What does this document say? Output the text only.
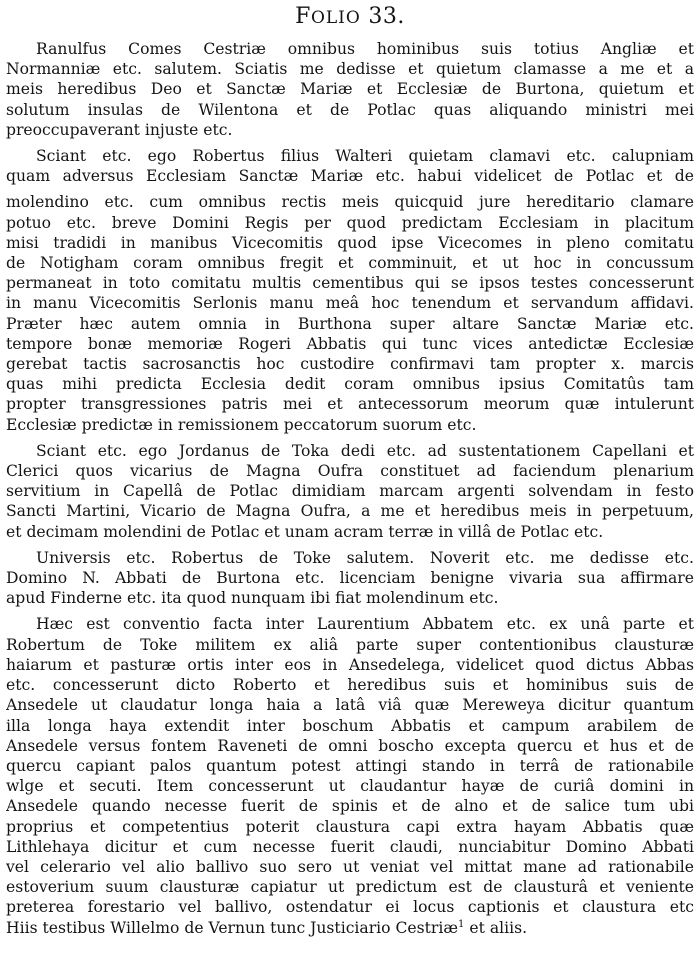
FOLIO 33.
Ranulfus Comes Cestriæ omnibus hominibus suis totius Angliæ et
Normanniæ etc. salutem. Sciatis me dedisse et quietum clamasse a me et a
meis heredibus Deo et Sanctæ Mariæ et Ecclesiæ de Burtona, quietum et
solutum insulas de Wilentona et de Potlac quas aliquando ministri mei
preoccupaverant injuste etc.
Sciant etc. ego Robertus filius Walteri quietam clamavi etc. calupniam
quam adversus Ecclesiam Sanctæ Mariæ etc. habui videlicet de Potlac et de
molendino etc. cum omnibus rectis meis quicquid jure hereditario clamare
potuo etc. breve Domini Regis per quod predictam Ecclesiam in placitum
misi tradidi in manibus Vicecomitis quod ipse Vicecomes in pleno comitatu
de Notigham coram omnibus fregit et comminuit, et ut hoc in concussum
permaneat in toto comitatu multis cementibus qui se ipsos testes concesserunt
in manu Vicecomitis Serlonis manu meâ hoc tenendum et servandum affidavi.
Præter hæc autem omnia in Burthona super altare Sanctæ Mariæ etc.
tempore bonæ memoriæ Rogeri Abbatis qui tunc vices antedictæ Ecclesiæ
gerebat tactis sacrosanctis hoc custodire confirmavi tam propter x. marcis
quas mihi predicta Ecclesia dedit coram omnibus ipsius Comitatûs tam
propter transgressiones patris mei et antecessorum meorum quæ intulerunt
Ecclesiæ predictæ in remissionem peccatorum suorum etc.
Sciant etc. ego Jordanus de Toka dedi etc. ad sustentationem Capellani et
Clerici quos vicarius de Magna Oufra constituet ad faciendum plenarium
servitium in Capellâ de Potlac dimidiam marcam argenti solvendam in festo
Sancti Martini, Vicario de Magna Oufra, a me et heredibus meis in perpetuum,
et decimam molendini de Potlac et unam acram terræ in villâ de Potlac etc.
Universis etc. Robertus de Toke salutem. Noverit etc. me dedisse etc.
Domino N. Abbati de Burtona etc. licenciam benigne vivaria sua affirmare
apud Finderne etc. ita quod nunquam ibi fiat molendinum etc.
Hæc est conventio facta inter Laurentium Abbatem etc. ex unâ parte et
Robertum de Toke militem ex aliâ parte super contentionibus clausturæ
haiarum et pasturæ ortis inter eos in Ansedelega, videlicet quod dictus Abbas
etc. concesserunt dicto Roberto et heredibus suis et hominibus suis de
Ansedele ut claudatur longa haia a latâ viâ quæ Mereweya dicitur quantum
illa longa haya extendit inter boschum Abbatis et campum arabilem de
Ansedele versus fontem Raveneti de omni boscho excepta quercu et hus et de
quercu capiant palos quantum potest attingi stando in terrâ de rationabile
wlge et secuti. Item concesserunt ut claudantur hayæ de curiâ domini in
Ansedele quando necesse fuerit de spinis et de alno et de salice tum ubi
proprius et competentius poterit claustura capi extra hayam Abbatis quæ
Lithlehaya dicitur et cum necesse fuerit claudi, nunciabitur Domino Abbati
vel celerario vel alio ballivo suo sero ut veniat vel mittat mane ad rationabile
estoverium suum clausturæ capiatur ut predictum est de clausturâ et veniente
preterea forestario vel ballivo, ostendatur ei locus captionis et claustura etc
Hiis testibus Willelmo de Vernun tunc Justiciario Cestriæ$^1$ et aliis.
